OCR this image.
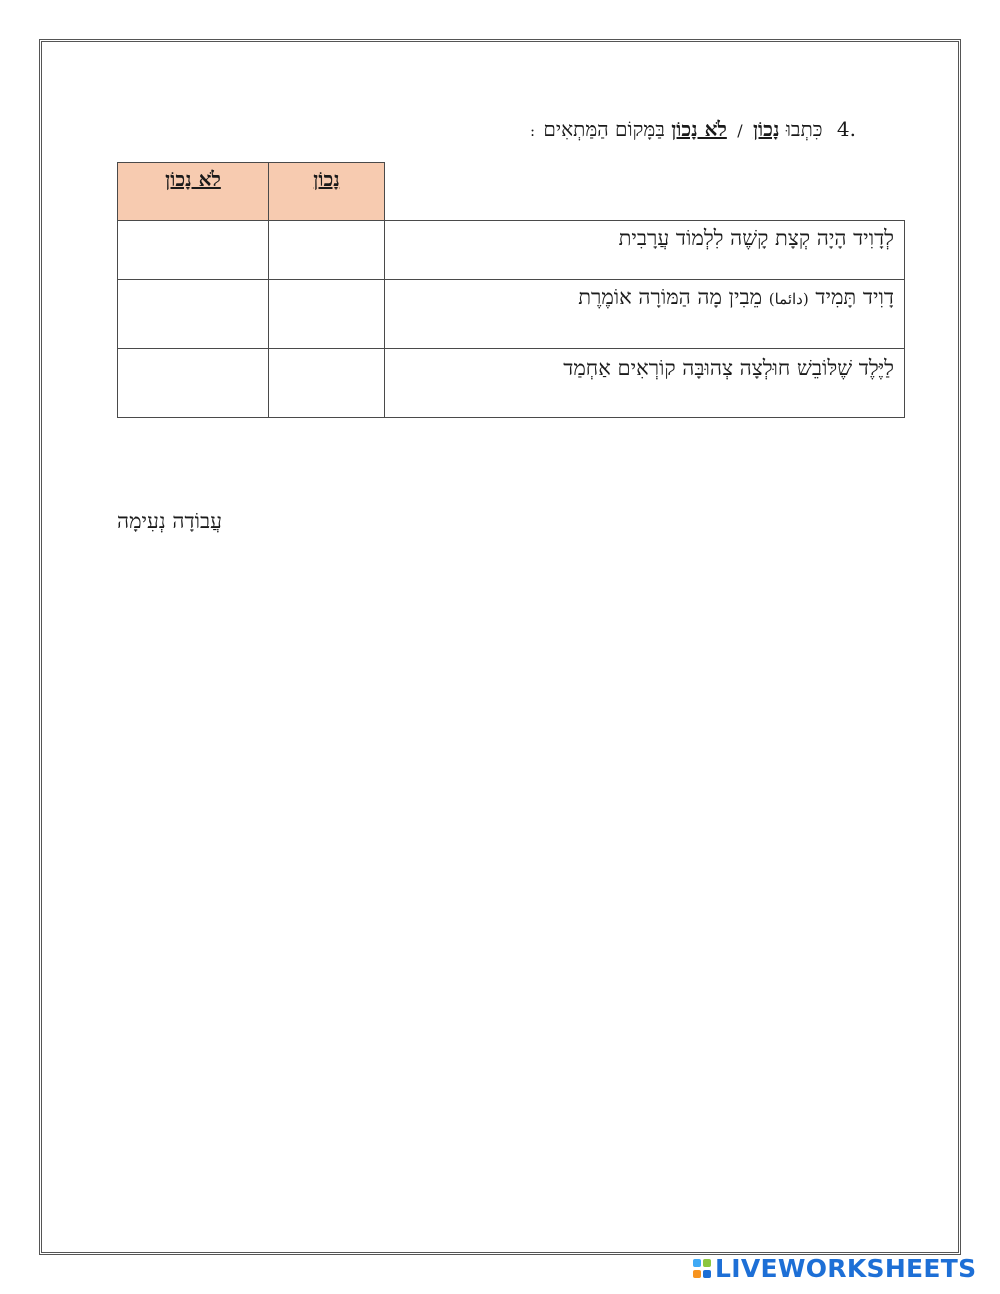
4. כִּתְבוּ נָכוֹן / לֹא נָכוֹן בַּמָּקוֹם הַמַּתְאִים :
נָכוֹן
לֹא נָכוֹן
לְדָוִיד הָיָה קְצָת קָשֶׁה לִלְמוֹד עֲרָבִית
דָוִיד תָּמִיד (دائما) מֵבִין מָה הַמּוֹרָה אוֹמֶרֶת
לַיֶּלֶד שֶׁלּוֹבֵשׁ חוּלְצָה צְהוּבָּה קוֹרְאִים אַחְמַד
עֲבוֹדָה נְעִימָה
LIVEWORKSHEETS
